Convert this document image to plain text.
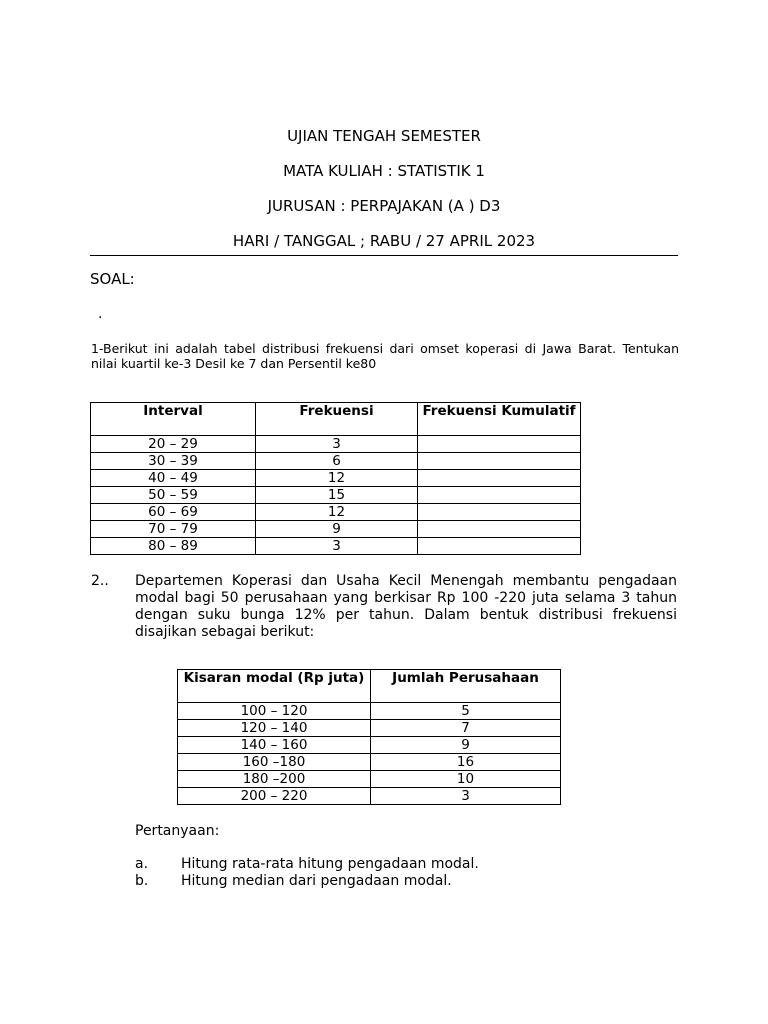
UJIAN TENGAH SEMESTER
MATA KULIAH : STATISTIK 1
JURUSAN : PERPAJAKAN (A ) D3
HARI / TANGGAL ; RABU / 27 APRIL 2023
SOAL:
.
1-Berikut ini adalah tabel distribusi frekuensi dari omset koperasi di Jawa Barat. Tentukan nilai kuartil ke-3 Desil ke 7 dan Persentil ke80
Interval	Frekuensi	Frekuensi Kumulatif
20 – 29	3	
30 – 39	6	
40 – 49	12	
50 – 59	15	
60 – 69	12	
70 – 79	9	
80 – 89	3	
2.. Departemen Koperasi dan Usaha Kecil Menengah membantu pengadaan modal bagi 50 perusahaan yang berkisar Rp 100 -220 juta selama 3 tahun dengan suku bunga 12% per tahun. Dalam bentuk distribusi frekuensi disajikan sebagai berikut:
Kisaran modal (Rp juta)	Jumlah Perusahaan
100 – 120	5
120 – 140	7
140 – 160	9
160 –180	16
180 –200	10
200 – 220	3
Pertanyaan:
a. Hitung rata-rata hitung pengadaan modal.
b. Hitung median dari pengadaan modal.
